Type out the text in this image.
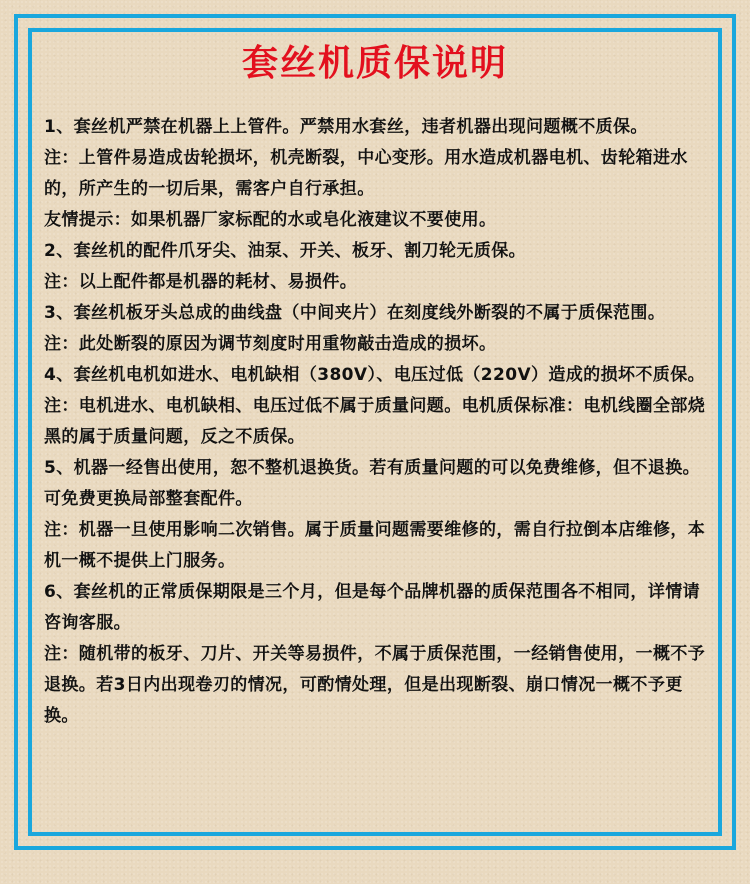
套丝机质保说明

1、套丝机严禁在机器上上管件。严禁用水套丝，违者机器出现问题概不质保。

注：上管件易造成齿轮损坏，机壳断裂，中心变形。用水造成机器电机、齿轮箱进水的，所产生的一切后果，需客户自行承担。

友情提示：如果机器厂家标配的水或皂化液建议不要使用。

2、套丝机的配件爪牙尖、油泵、开关、板牙、割刀轮无质保。

注：以上配件都是机器的耗材、易损件。

3、套丝机板牙头总成的曲线盘（中间夹片）在刻度线外断裂的不属于质保范围。

注：此处断裂的原因为调节刻度时用重物敲击造成的损坏。

4、套丝机电机如进水、电机缺相（380V）、电压过低（220V）造成的损坏不质保。

注：电机进水、电机缺相、电压过低不属于质量问题。电机质保标准：电机线圈全部烧黑的属于质量问题，反之不质保。

5、机器一经售出使用，恕不整机退换货。若有质量问题的可以免费维修，但不退换。可免费更换局部整套配件。

注：机器一旦使用影响二次销售。属于质量问题需要维修的，需自行拉倒本店维修，本机一概不提供上门服务。

6、套丝机的正常质保期限是三个月，但是每个品牌机器的质保范围各不相同，详情请咨询客服。

注：随机带的板牙、刀片、开关等易损件，不属于质保范围，一经销售使用，一概不予退换。若3日内出现卷刃的情况，可酌情处理，但是出现断裂、崩口情况一概不予更换。
